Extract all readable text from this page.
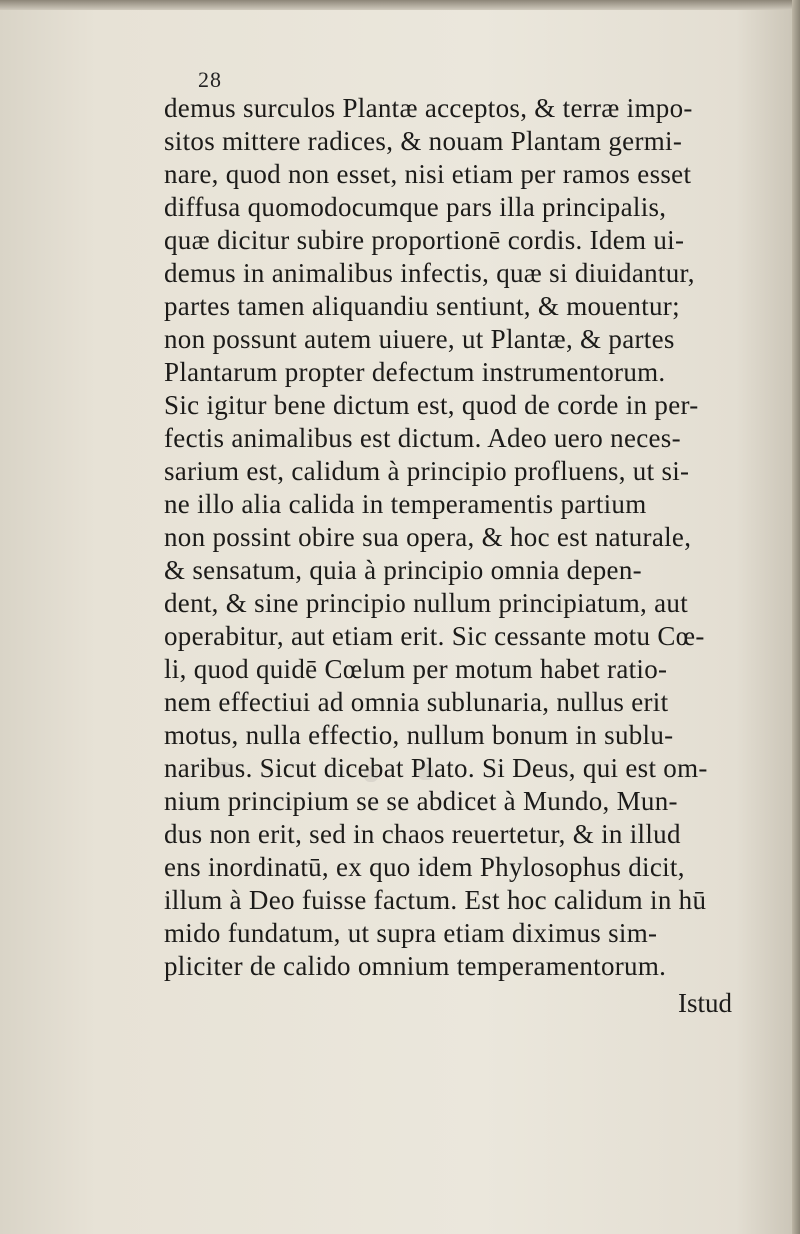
28
demus surculos Plantæ acceptos, & terræ impo-
sitos mittere radices, & nouam Plantam germi-
nare, quod non esset, nisi etiam per ramos esset
diffusa quomodocumque pars illa principalis,
quæ dicitur subire proportionē cordis. Idem ui-
demus in animalibus infectis, quæ si diuidantur,
partes tamen aliquandiu sentiunt, & mouentur;
non possunt autem uiuere, ut Plantæ, & partes
Plantarum propter defectum instrumentorum.
Sic igitur bene dictum est, quod de corde in per-
fectis animalibus est dictum. Adeo uero neces-
sarium est, calidum à principio profluens, ut si-
ne illo alia calida in temperamentis partium
non possint obire sua opera, & hoc est naturale,
& sensatum, quia à principio omnia depen-
dent, & sine principio nullum principiatum, aut
operabitur, aut etiam erit. Sic cessante motu Cœ-
li, quod quidē Cœlum per motum habet ratio-
nem effectiui ad omnia sublunaria, nullus erit
motus, nulla effectio, nullum bonum in sublu-
naribus. Sicut dicebat Plato. Si Deus, qui est om-
nium principium se se abdicet à Mundo, Mun-
dus non erit, sed in chaos reuertetur, & in illud
ens inordinatū, ex quo idem Phylosophus dicit,
illum à Deo fuisse factum. Est hoc calidum in hū
mido fundatum, ut supra etiam diximus sim-
pliciter de calido omnium temperamentorum.
Istud
